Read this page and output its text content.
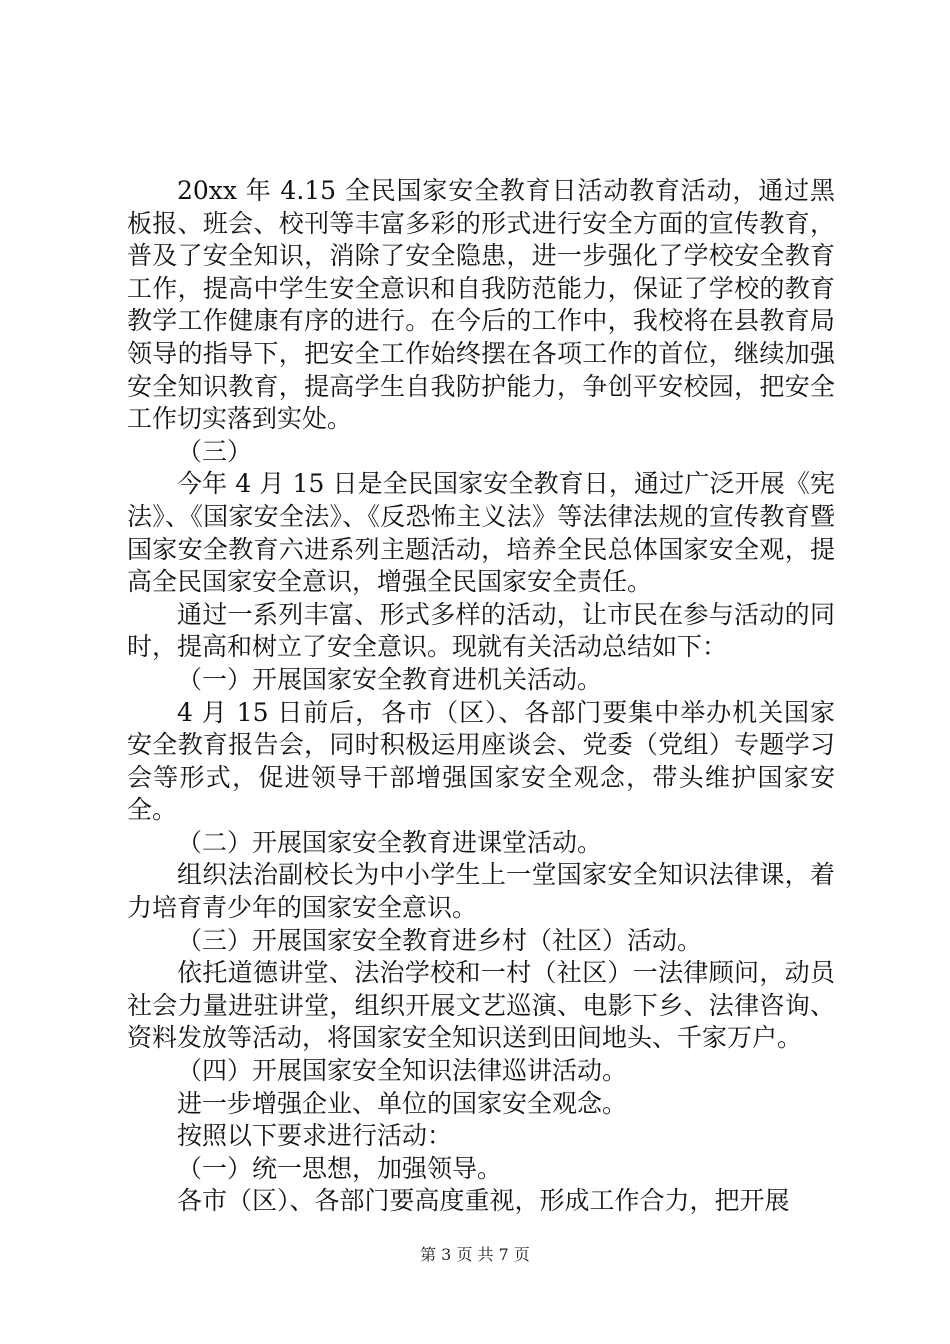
20xx 年 4.15 全民国家安全教育日活动教育活动，通过黑板报、班会、校刊等丰富多彩的形式进行安全方面的宣传教育，普及了安全知识，消除了安全隐患，进一步强化了学校安全教育工作，提高中学生安全意识和自我防范能力，保证了学校的教育教学工作健康有序的进行。在今后的工作中，我校将在县教育局领导的指导下，把安全工作始终摆在各项工作的首位，继续加强安全知识教育，提高学生自我防护能力，争创平安校园，把安全工作切实落到实处。

（三）

今年 4 月 15 日是全民国家安全教育日，通过广泛开展《宪法》、《国家安全法》、《反恐怖主义法》等法律法规的宣传教育暨国家安全教育六进系列主题活动，培养全民总体国家安全观，提高全民国家安全意识，增强全民国家安全责任。

通过一系列丰富、形式多样的活动，让市民在参与活动的同时，提高和树立了安全意识。现就有关活动总结如下：

（一）开展国家安全教育进机关活动。

4 月 15 日前后，各市（区）、各部门要集中举办机关国家安全教育报告会，同时积极运用座谈会、党委（党组）专题学习会等形式，促进领导干部增强国家安全观念，带头维护国家安全。

（二）开展国家安全教育进课堂活动。

组织法治副校长为中小学生上一堂国家安全知识法律课，着力培育青少年的国家安全意识。

（三）开展国家安全教育进乡村（社区）活动。

依托道德讲堂、法治学校和一村（社区）一法律顾问，动员社会力量进驻讲堂，组织开展文艺巡演、电影下乡、法律咨询、资料发放等活动，将国家安全知识送到田间地头、千家万户。

（四）开展国家安全知识法律巡讲活动。

进一步增强企业、单位的国家安全观念。

按照以下要求进行活动：

（一）统一思想，加强领导。

各市（区）、各部门要高度重视，形成工作合力，把开展

第 3 页 共 7 页
